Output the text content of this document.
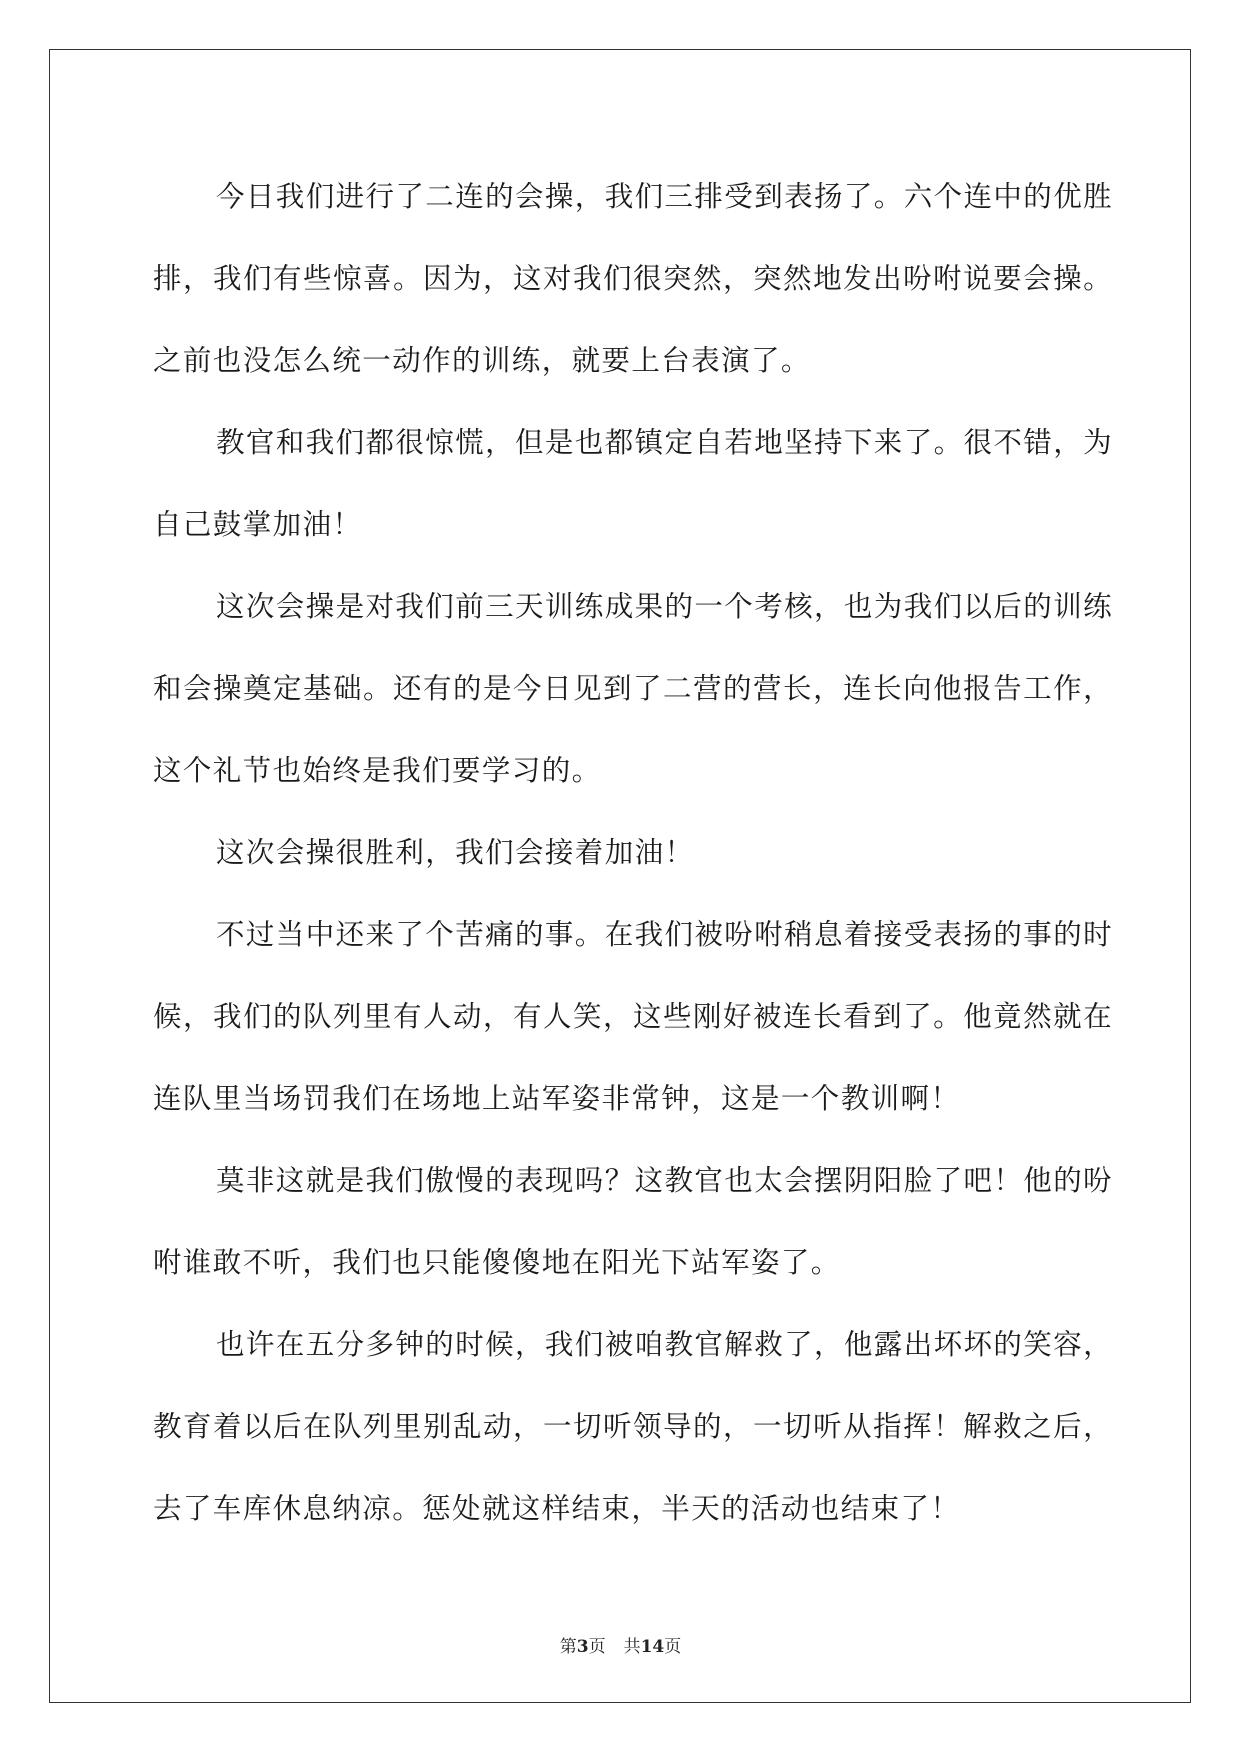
今日我们进行了二连的会操，我们三排受到表扬了。六个连中的优胜排，我们有些惊喜。因为，这对我们很突然，突然地发出吩咐说要会操。之前也没怎么统一动作的训练，就要上台表演了。

教官和我们都很惊慌，但是也都镇定自若地坚持下来了。很不错，为自己鼓掌加油！

这次会操是对我们前三天训练成果的一个考核，也为我们以后的训练和会操奠定基础。还有的是今日见到了二营的营长，连长向他报告工作，这个礼节也始终是我们要学习的。

这次会操很胜利，我们会接着加油！

不过当中还来了个苦痛的事。在我们被吩咐稍息着接受表扬的事的时候，我们的队列里有人动，有人笑，这些刚好被连长看到了。他竟然就在连队里当场罚我们在场地上站军姿非常钟，这是一个教训啊！

莫非这就是我们傲慢的表现吗？这教官也太会摆阴阳脸了吧！他的吩咐谁敢不听，我们也只能傻傻地在阳光下站军姿了。

也许在五分多钟的时候，我们被咱教官解救了，他露出坏坏的笑容，教育着以后在队列里别乱动，一切听领导的，一切听从指挥！解救之后，去了车库休息纳凉。惩处就这样结束，半天的活动也结束了！

第3页 共14页
